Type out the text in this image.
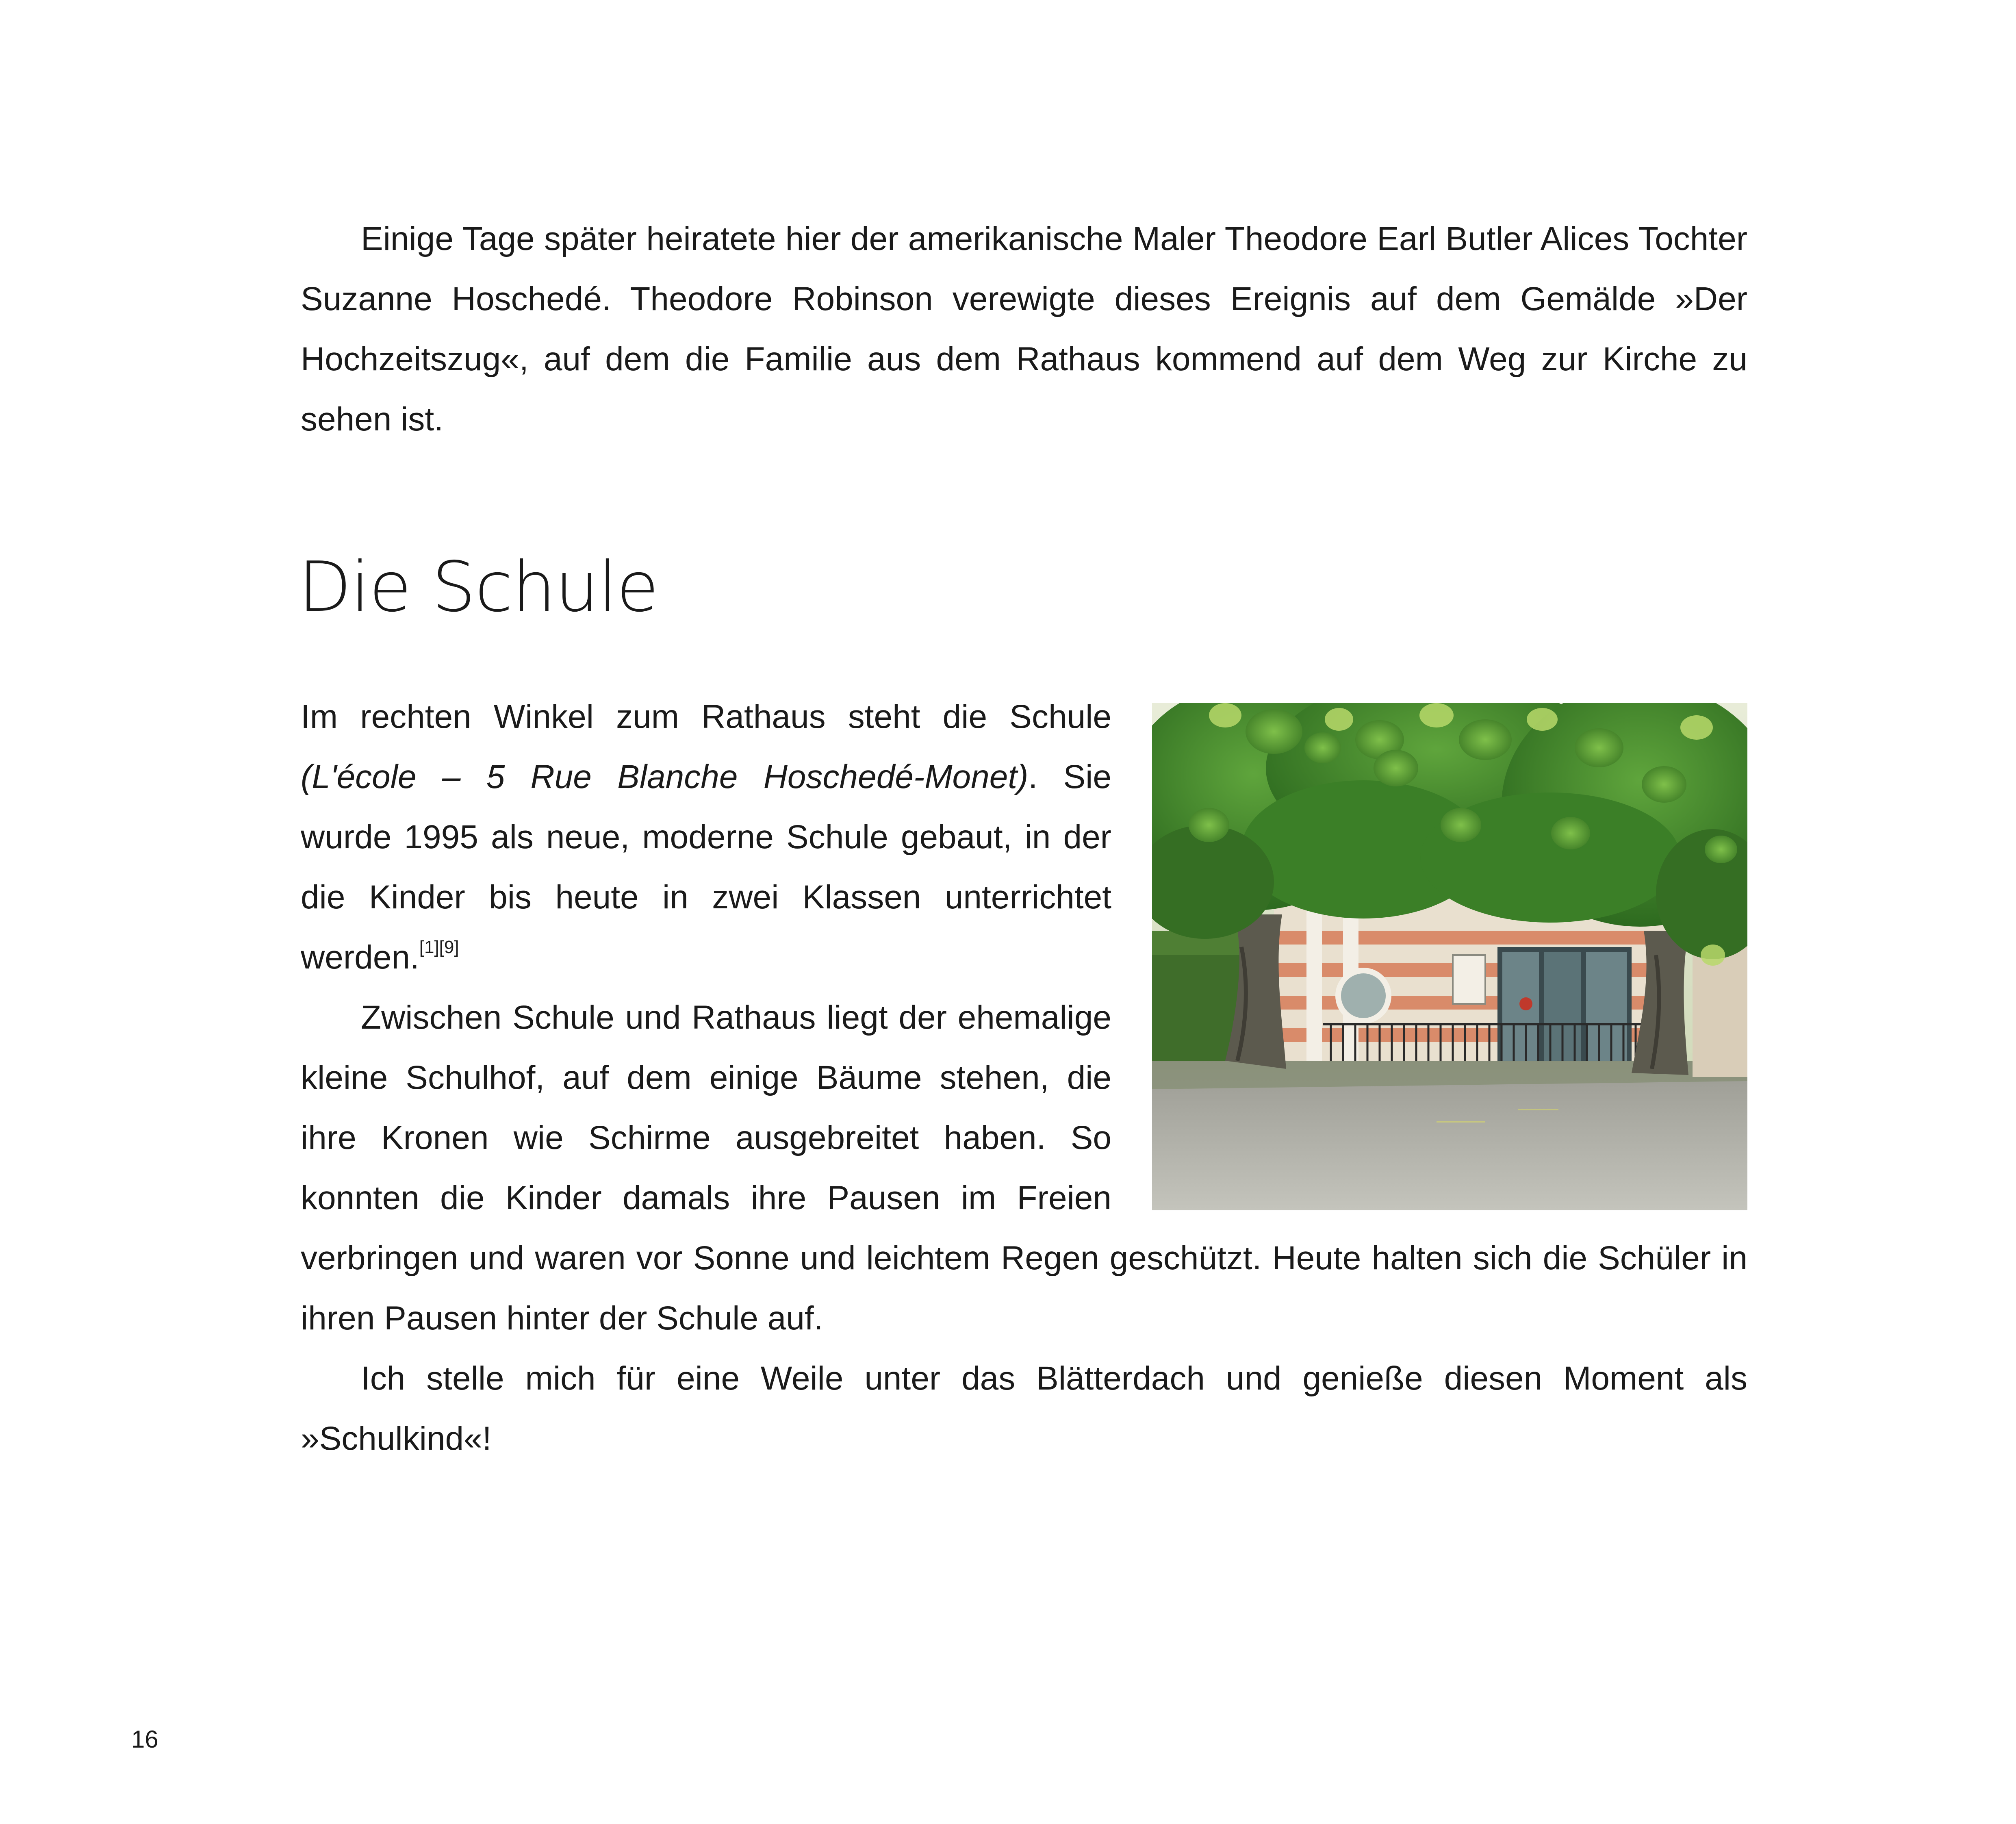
Einige Tage später heiratete hier der amerikanische Maler Theodore Earl Butler Alices Tochter Suzanne Hoschedé. Theodore Robinson verewigte dieses Ereignis auf dem Gemälde »Der Hochzeitszug«, auf dem die Familie aus dem Rathaus kommend auf dem Weg zur Kirche zu sehen ist.

Die Schule

Im rechten Winkel zum Rathaus steht die Schule (L'école – 5 Rue Blanche Hoschedé-Monet). Sie wurde 1995 als neue, moderne Schule gebaut, in der die Kinder bis heute in zwei Klassen unterrichtet werden.[1][9]

Zwischen Schule und Rathaus liegt der ehemalige kleine Schulhof, auf dem einige Bäume stehen, die ihre Kronen wie Schirme ausgebreitet haben. So konnten die Kinder damals ihre Pausen im Freien verbringen und waren vor Sonne und leichtem Regen geschützt. Heute halten sich die Schüler in ihren Pausen hinter der Schule auf.

Ich stelle mich für eine Weile unter das Blätterdach und genieße diesen Moment als »Schulkind«!

16
